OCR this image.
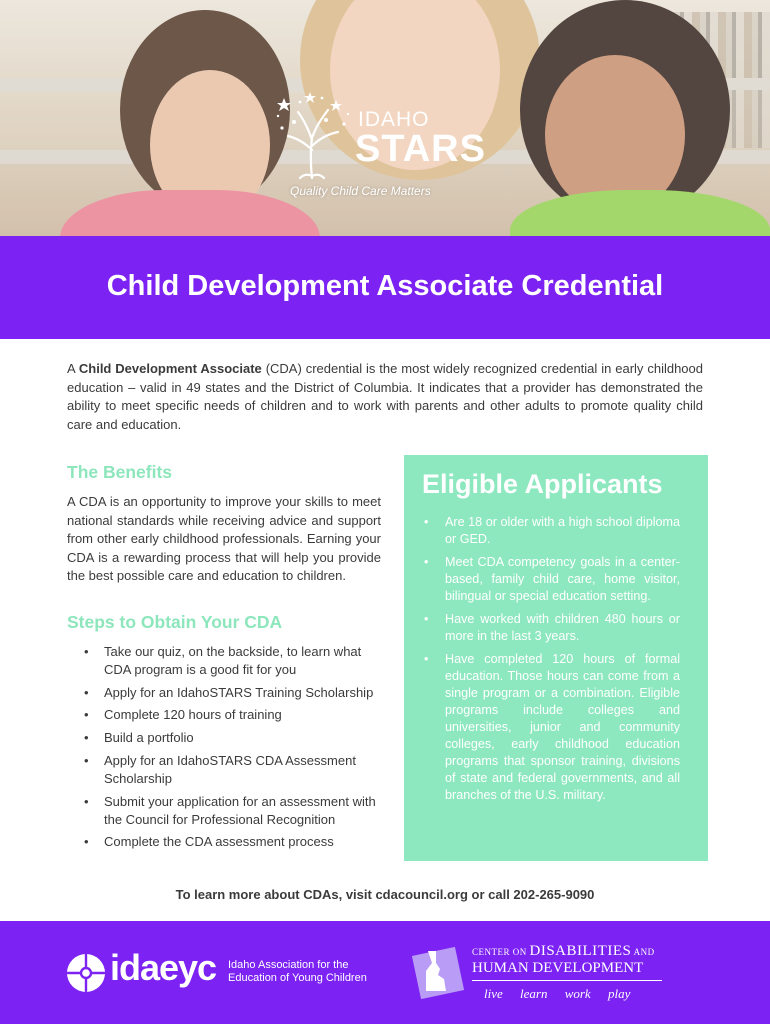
IDAHO
STARS
Quality Child Care Matters
Child Development Associate Credential

A Child Development Associate (CDA) credential is the most widely recognized credential in early childhood education – valid in 49 states and the District of Columbia. It indicates that a provider has demonstrated the ability to meet specific needs of children and to work with parents and other adults to promote quality child care and education.

The Benefits

A CDA is an opportunity to improve your skills to meet national standards while receiving advice and support from other early childhood professionals. Earning your CDA is a rewarding process that will help you provide the best possible care and education to children.

Steps to Obtain Your CDA
• Take our quiz, on the backside, to learn what CDA program is a good fit for you
• Apply for an IdahoSTARS Training Scholarship
• Complete 120 hours of training
• Build a portfolio
• Apply for an IdahoSTARS CDA Assessment Scholarship
• Submit your application for an assessment with the Council for Professional Recognition
• Complete the CDA assessment process
Eligible Applicants
• Are 18 or older with a high school diploma or GED.
• Meet CDA competency goals in a center-based, family child care, home visitor, bilingual or special education setting.
• Have worked with children 480 hours or more in the last 3 years.
• Have completed 120 hours of formal education. Those hours can come from a single program or a combination. Eligible programs include colleges and universities, junior and community colleges, early childhood education programs that sponsor training, divisions of state and federal governments, and all branches of the U.S. military.

To learn more about CDAs, visit cdacouncil.org or call 202-265-9090

idaeyc Idaho Association for the
Education of Young Children
CENTER ON DISABILITIES AND
HUMAN DEVELOPMENT
live learn work play
